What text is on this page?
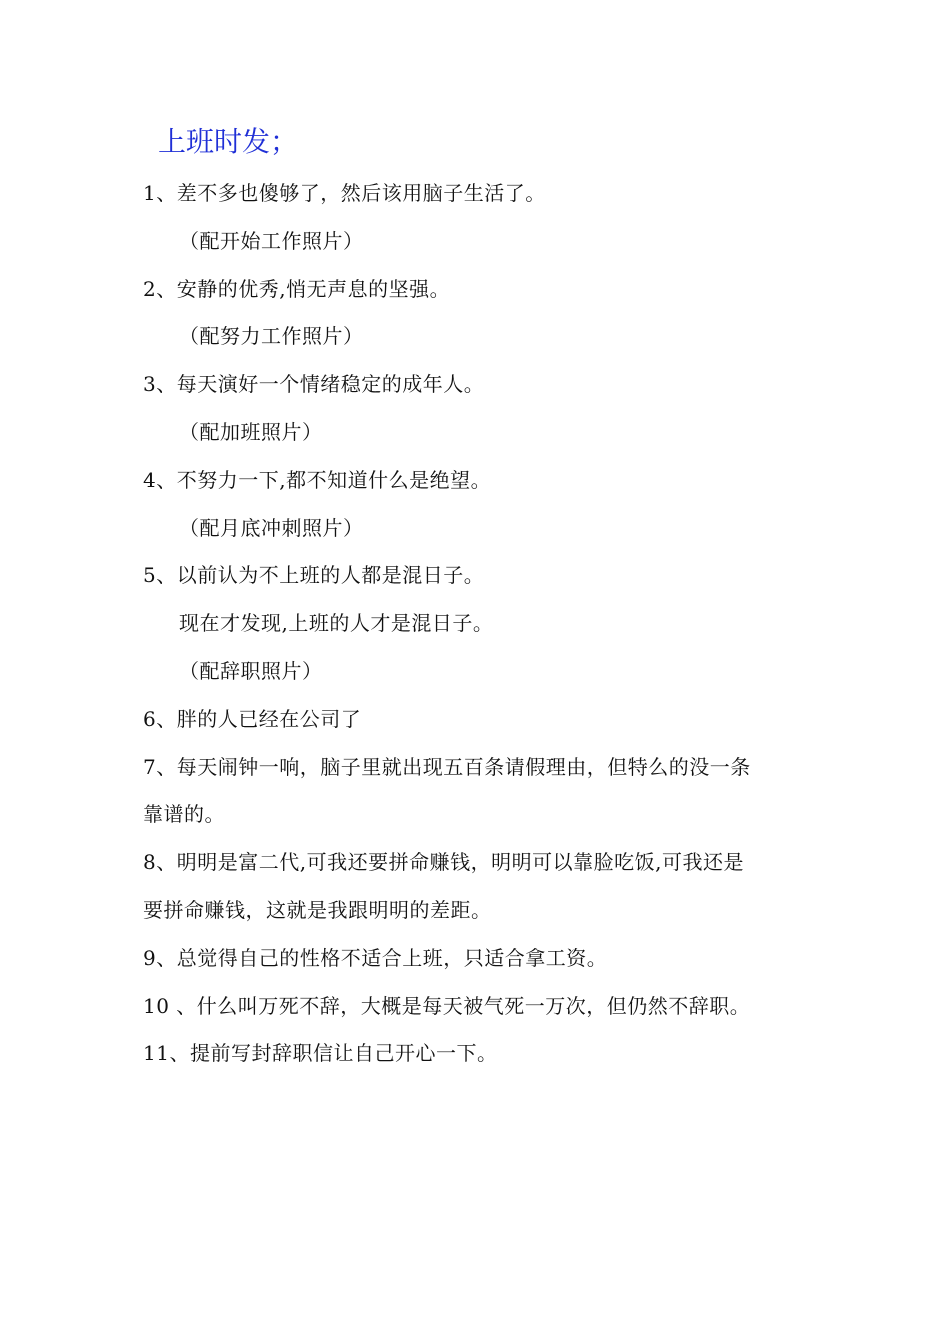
上班时发；
1、差不多也傻够了，然后该用脑子生活了。
（配开始工作照片）
2、安静的优秀,悄无声息的坚强。
（配努力工作照片）
3、每天演好一个情绪稳定的成年人。
（配加班照片）
4、不努力一下,都不知道什么是绝望。
（配月底冲刺照片）
5、以前认为不上班的人都是混日子。
现在才发现,上班的人才是混日子。
（配辞职照片）
6、胖的人已经在公司了
7、每天闹钟一响，脑子里就出现五百条请假理由，但特么的没一条
靠谱的。
8、明明是富二代,可我还要拼命赚钱，明明可以靠脸吃饭,可我还是
要拼命赚钱，这就是我跟明明的差距。
9、总觉得自己的性格不适合上班，只适合拿工资。
10 、什么叫万死不辞，大概是每天被气死一万次，但仍然不辞职。
11、提前写封辞职信让自己开心一下。
